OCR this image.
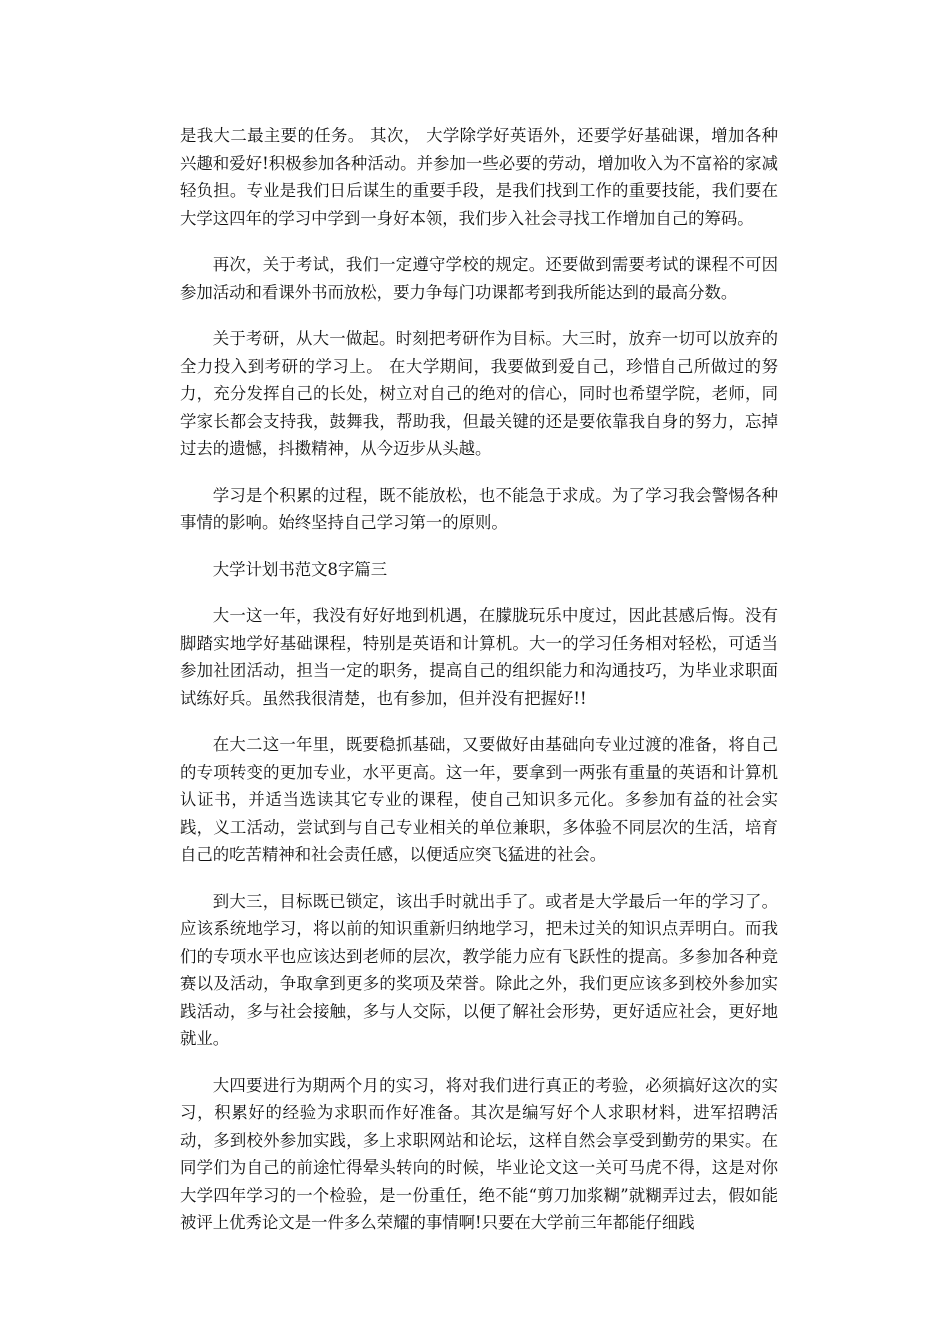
是我大二最主要的任务。 其次， 大学除学好英语外，还要学好基础课，增加各种兴趣和爱好!积极参加各种活动。并参加一些必要的劳动，增加收入为不富裕的家减轻负担。专业是我们日后谋生的重要手段，是我们找到工作的重要技能，我们要在大学这四年的学习中学到一身好本领，我们步入社会寻找工作增加自己的筹码。

再次，关于考试，我们一定遵守学校的规定。还要做到需要考试的课程不可因参加活动和看课外书而放松，要力争每门功课都考到我所能达到的最高分数。

关于考研，从大一做起。时刻把考研作为目标。大三时，放弃一切可以放弃的全力投入到考研的学习上。 在大学期间，我要做到爱自己，珍惜自己所做过的努力，充分发挥自己的长处，树立对自己的绝对的信心，同时也希望学院，老师，同学家长都会支持我，鼓舞我，帮助我，但最关键的还是要依靠我自身的努力，忘掉过去的遗憾，抖擞精神，从今迈步从头越。

学习是个积累的过程，既不能放松，也不能急于求成。为了学习我会警惕各种事情的影响。始终坚持自己学习第一的原则。

大学计划书范文8字篇三

大一这一年，我没有好好地到机遇，在朦胧玩乐中度过，因此甚感后悔。没有脚踏实地学好基础课程，特别是英语和计算机。大一的学习任务相对轻松，可适当参加社团活动，担当一定的职务，提高自己的组织能力和沟通技巧，为毕业求职面试练好兵。虽然我很清楚，也有参加，但并没有把握好!!

在大二这一年里，既要稳抓基础，又要做好由基础向专业过渡的准备，将自己的专项转变的更加专业，水平更高。这一年，要拿到一两张有重量的英语和计算机认证书，并适当选读其它专业的课程，使自己知识多元化。多参加有益的社会实践，义工活动，尝试到与自己专业相关的单位兼职，多体验不同层次的生活，培育自己的吃苦精神和社会责任感，以便适应突飞猛进的社会。

到大三，目标既已锁定，该出手时就出手了。或者是大学最后一年的学习了。应该系统地学习，将以前的知识重新归纳地学习，把未过关的知识点弄明白。而我们的专项水平也应该达到老师的层次，教学能力应有飞跃性的提高。多参加各种竞赛以及活动，争取拿到更多的奖项及荣誉。除此之外，我们更应该多到校外参加实践活动，多与社会接触，多与人交际，以便了解社会形势，更好适应社会，更好地就业。

大四要进行为期两个月的实习，将对我们进行真正的考验，必须搞好这次的实习，积累好的经验为求职而作好准备。其次是编写好个人求职材料，进军招聘活动，多到校外参加实践，多上求职网站和论坛，这样自然会享受到勤劳的果实。在同学们为自己的前途忙得晕头转向的时候，毕业论文这一关可马虎不得，这是对你大学四年学习的一个检验，是一份重任，绝不能“剪刀加浆糊”就糊弄过去，假如能被评上优秀论文是一件多么荣耀的事情啊!只要在大学前三年都能仔细践
